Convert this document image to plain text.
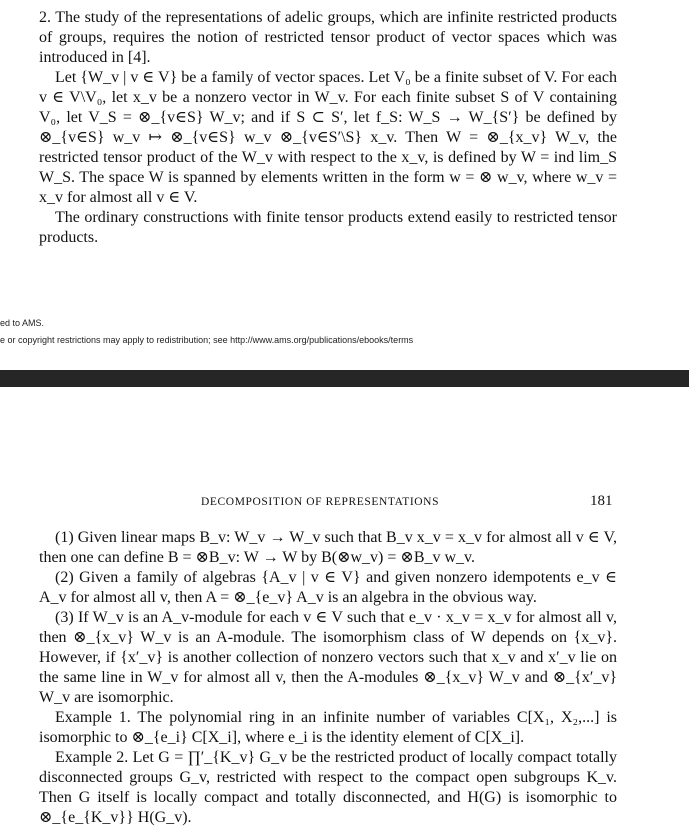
2. The study of the representations of adelic groups, which are infinite restricted products of groups, requires the notion of restricted tensor product of vector spaces which was introduced in [4].

Let {W_v | v ∈ V} be a family of vector spaces. Let V₀ be a finite subset of V. For each v ∈ V\V₀, let x_v be a nonzero vector in W_v. For each finite subset S of V containing V₀, let V_S = ⊗_{v∈S} W_v; and if S ⊂ S′, let f_S: W_S → W_{S′} be defined by ⊗_{v∈S} w_v ↦ ⊗_{v∈S} w_v ⊗_{v∈S′\S} x_v. Then W = ⊗_{x_v} W_v, the restricted tensor product of the W_v with respect to the x_v, is defined by W = ind lim_S W_S. The space W is spanned by elements written in the form w = ⊗ w_v, where w_v = x_v for almost all v ∈ V.

The ordinary constructions with finite tensor products extend easily to restricted tensor products.

ed to AMS.
e or copyright restrictions may apply to redistribution; see http://www.ams.org/publications/ebooks/terms
DECOMPOSITION OF REPRESENTATIONS	181

(1) Given linear maps B_v: W_v → W_v such that B_v x_v = x_v for almost all v ∈ V, then one can define B = ⊗B_v: W → W by B(⊗w_v) = ⊗B_v w_v.

(2) Given a family of algebras {A_v | v ∈ V} and given nonzero idempotents e_v ∈ A_v for almost all v, then A = ⊗_{e_v} A_v is an algebra in the obvious way.

(3) If W_v is an A_v-module for each v ∈ V such that e_v · x_v = x_v for almost all v, then ⊗_{x_v} W_v is an A-module. The isomorphism class of W depends on {x_v}. However, if {x′_v} is another collection of nonzero vectors such that x_v and x′_v lie on the same line in W_v for almost all v, then the A-modules ⊗_{x_v} W_v and ⊗_{x′_v} W_v are isomorphic.

Example 1. The polynomial ring in an infinite number of variables C[X₁, X₂,...] is isomorphic to ⊗_{e_i} C[X_i], where e_i is the identity element of C[X_i].

Example 2. Let G = ∏′_{K_v} G_v be the restricted product of locally compact totally disconnected groups G_v, restricted with respect to the compact open subgroups K_v. Then G itself is locally compact and totally disconnected, and H(G) is isomorphic to ⊗_{e_{K_v}} H(G_v).
